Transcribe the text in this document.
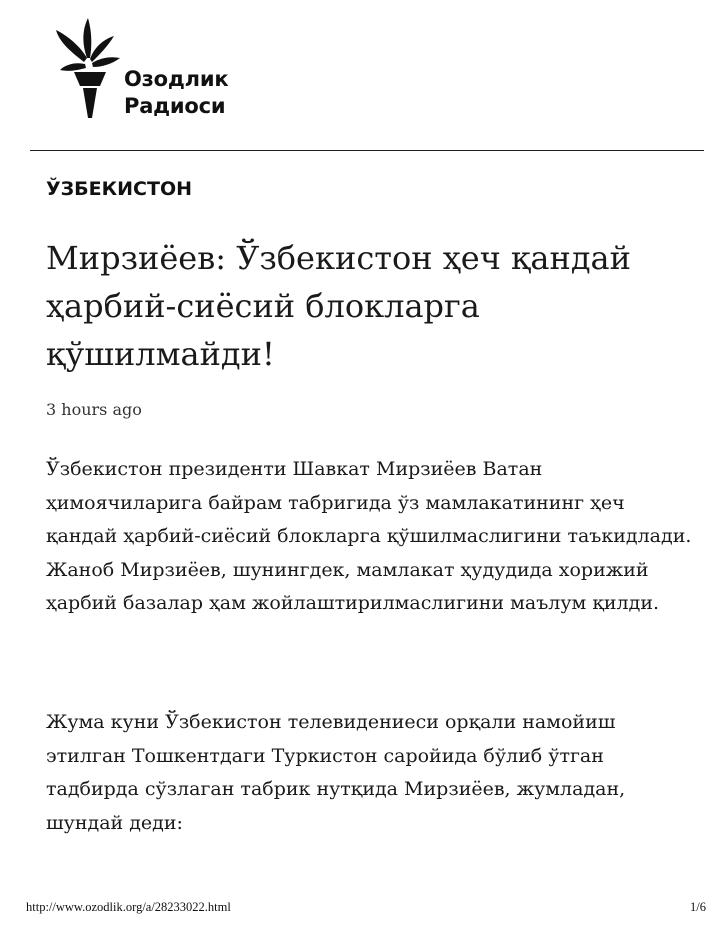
Озодлик
Радиоси
ЎЗБЕКИСТОН
Мирзиёев: Ўзбекистон ҳеч қандай ҳарбий-сиёсий блокларга қўшилмайди!
3 hours ago

Ўзбекистон президенти Шавкат Мирзиёев Ватан ҳимоячиларига байрам табригида ўз мамлакатининг ҳеч қандай ҳарбий-сиёсий блокларга қўшилмаслигини таъкидлади. Жаноб Мирзиёев, шунингдек, мамлакат ҳудудида хорижий ҳарбий базалар ҳам жойлаштирилмаслигини маълум қилди.

Жума куни Ўзбекистон телевидениеси орқали намойиш этилган Тошкентдаги Туркистон саройида бўлиб ўтган тадбирда сўзлаган табрик нутқида Мирзиёев, жумладан, шундай деди:

http://www.ozodlik.org/a/28233022.html	1/6
